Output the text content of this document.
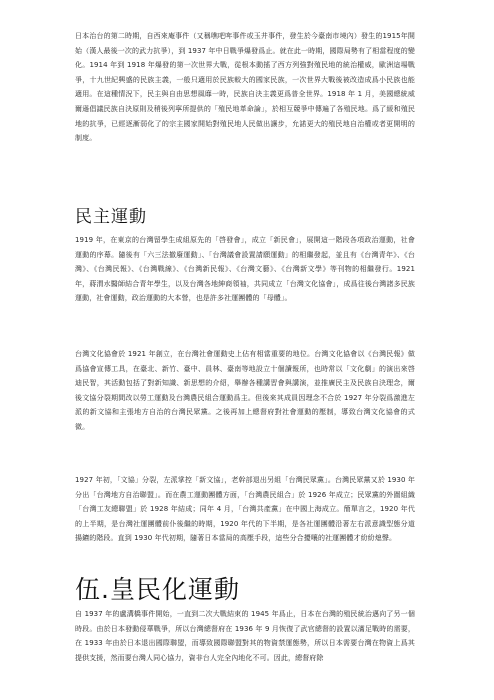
日本治台的第二時期，自西來庵事件（又稱噍吧哖事件或玉井事件，發生於今臺南市境內）發生的1915年開始（漢人最後一次的武力抗爭），到 1937 年中日戰爭爆發爲止。就在此一時期，國際局勢有了相當程度的變化。1914 年到 1918 年爆發的第一次世界大戰，從根本動搖了西方列強對殖民地的統治權威，歐洲這場戰爭，十九世紀興盛的民族主義，一般只適用於民族較大的國家民族，一次世界大戰後被改造成爲小民族也能適用。在這種情況下，民主與自由思想風靡一時，民族自決主義更爲普全世界。1918 年 1 月，美國總統威爾遜倡議民族自決原則及稍後列寧所提供的「殖民地革命論」，於相互競爭中傳遍了各殖民地。爲了緩和殖民地的抗爭，已經逐漸弱化了的宗主國家開始對殖民地人民做出讓步，允諾更大的殖民地自治權或者更開明的制度。

民主運動

1919 年，在東京的台灣留學生成組原先的「啓發會」，成立「新民會」，展開這一階段各項政治運動，社會運動的序幕。隨後有「六三法撤廢運動」、「台灣議會設置請願運動」的相繼發起，並且有《台灣青年》、《台灣》、《台灣民報》、《台灣戰線》、《台灣新民報》、《台灣文藝》、《台灣新文學》等刊物的相繼發行。1921 年，蔣渭水醫師結合青年學生，以及台灣各地紳商領袖，共同成立「台灣文化協會」，成爲往後台灣諸多民族運動，社會運動，政治運動的大本營，也是許多社運團體的「母體」。

台灣文化協會於 1921 年創立，在台灣社會運動史上佔有相當重要的地位。台灣文化協會以《台灣民報》做爲協會宣傳工具，在臺北、新竹、臺中、員林、臺南等地設立十個讀報所，也時常以「文化劇」的演出來啓迪民智，其活動包括了對新知識、新思想的介紹，舉辦各種講習會與講演，並推廣民主及民族自決理念，爾後文協分裂期間改以勞工運動及台灣農民組合運動爲主。但後來其成員因理念不合於 1927 年分裂爲激進左派的新文協和主張地方自治的台灣民眾黨。之後再加上總督府對社會運動的壓制，導致台灣文化協會的式微。

1927 年初，「文協」分裂，左派掌控「新文協」，老幹部退出另組「台灣民眾黨」。台灣民眾黨又於 1930 年分出「台灣地方自治聯盟」。而在農工運動團體方面，「台灣農民組合」於 1926 年成立；民眾黨的外圍組織「台灣工友總聯盟」於 1928 年結成；同年 4 月，「台灣共產黨」在中國上海成立。簡單言之，1920 年代的上半期，是台灣社運團體前仆後繼的時期，1920 年代的下半期，是各社運團體沿著左右派意識型態分道揚鑣的階段。直到 1930 年代初期，隨著日本當局的高壓手段，這些分合擾嚷的社運團體才紛紛熄聲。

伍.皇民化運動

自 1937 年的盧溝橋事件開始，一直到二次大戰結束的 1945 年爲止，日本在台灣的殖民統治邁向了另一個時段。由於日本發動侵華戰爭，所以台灣總督府在 1936 年 9 月恢復了武官總督的設置以滿足戰時的需要，在 1933 年由於日本退出國際聯盟，而導致國際聯盟對其的物資禁運態勢，所以日本需要台灣在物資上爲其提供支援，然而要台灣人同心協力，資非台人完全內地化不可。因此，總督府除
